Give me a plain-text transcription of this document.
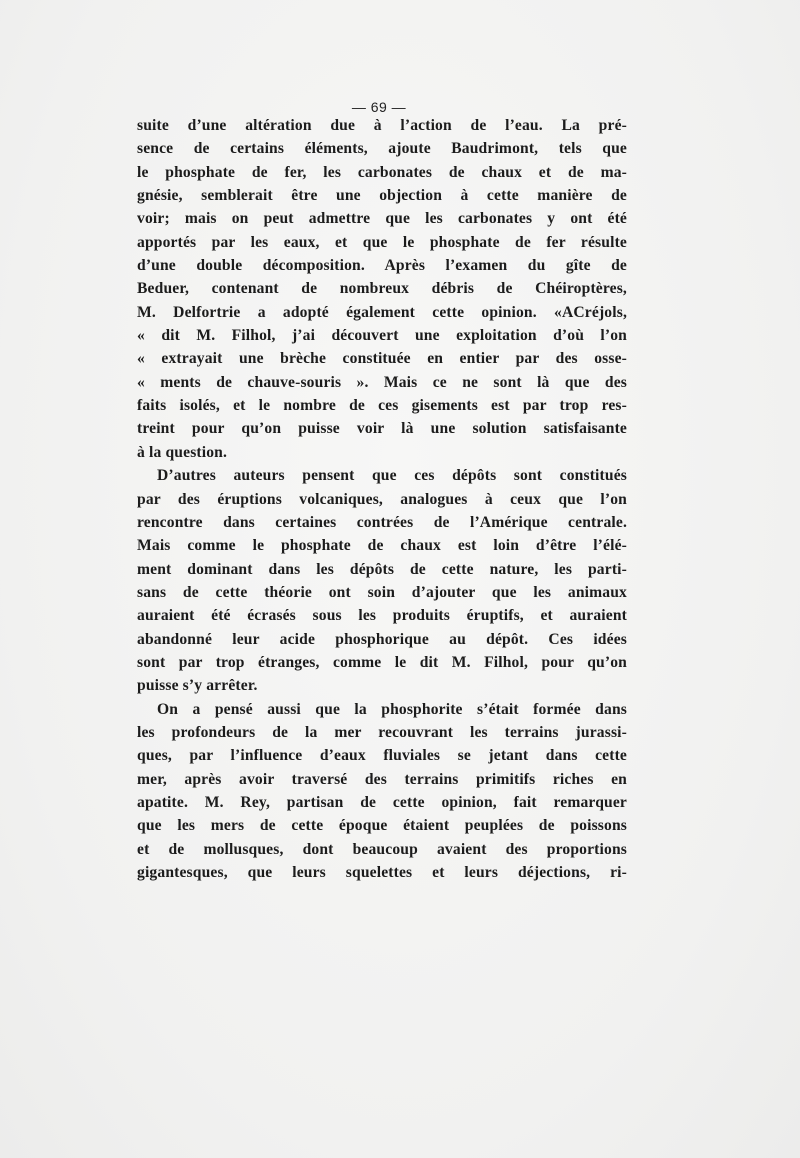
— 69 —
suite d’une altération due à l’action de l’eau. La pré-
sence de certains éléments, ajoute Baudrimont, tels que
le phosphate de fer, les carbonates de chaux et de ma-
gnésie, semblerait être une objection à cette manière de
voir; mais on peut admettre que les carbonates y ont été
apportés par les eaux, et que le phosphate de fer résulte
d’une double décomposition. Après l’examen du gîte de
Beduer, contenant de nombreux débris de Chéiroptères,
M. Delfortrie a adopté également cette opinion. «ACréjols,
« dit M. Filhol, j’ai découvert une exploitation d’où l’on
« extrayait une brèche constituée en entier par des osse-
« ments de chauve-souris ». Mais ce ne sont là que des
faits isolés, et le nombre de ces gisements est par trop res-
treint pour qu’on puisse voir là une solution satisfaisante
à la question.
D’autres auteurs pensent que ces dépôts sont constitués
par des éruptions volcaniques, analogues à ceux que l’on
rencontre dans certaines contrées de l’Amérique centrale.
Mais comme le phosphate de chaux est loin d’être l’élé-
ment dominant dans les dépôts de cette nature, les parti-
sans de cette théorie ont soin d’ajouter que les animaux
auraient été écrasés sous les produits éruptifs, et auraient
abandonné leur acide phosphorique au dépôt. Ces idées
sont par trop étranges, comme le dit M. Filhol, pour qu’on
puisse s’y arrêter.
On a pensé aussi que la phosphorite s’était formée dans
les profondeurs de la mer recouvrant les terrains jurassi-
ques, par l’influence d’eaux fluviales se jetant dans cette
mer, après avoir traversé des terrains primitifs riches en
apatite. M. Rey, partisan de cette opinion, fait remarquer
que les mers de cette époque étaient peuplées de poissons
et de mollusques, dont beaucoup avaient des proportions
gigantesques, que leurs squelettes et leurs déjections, ri-
